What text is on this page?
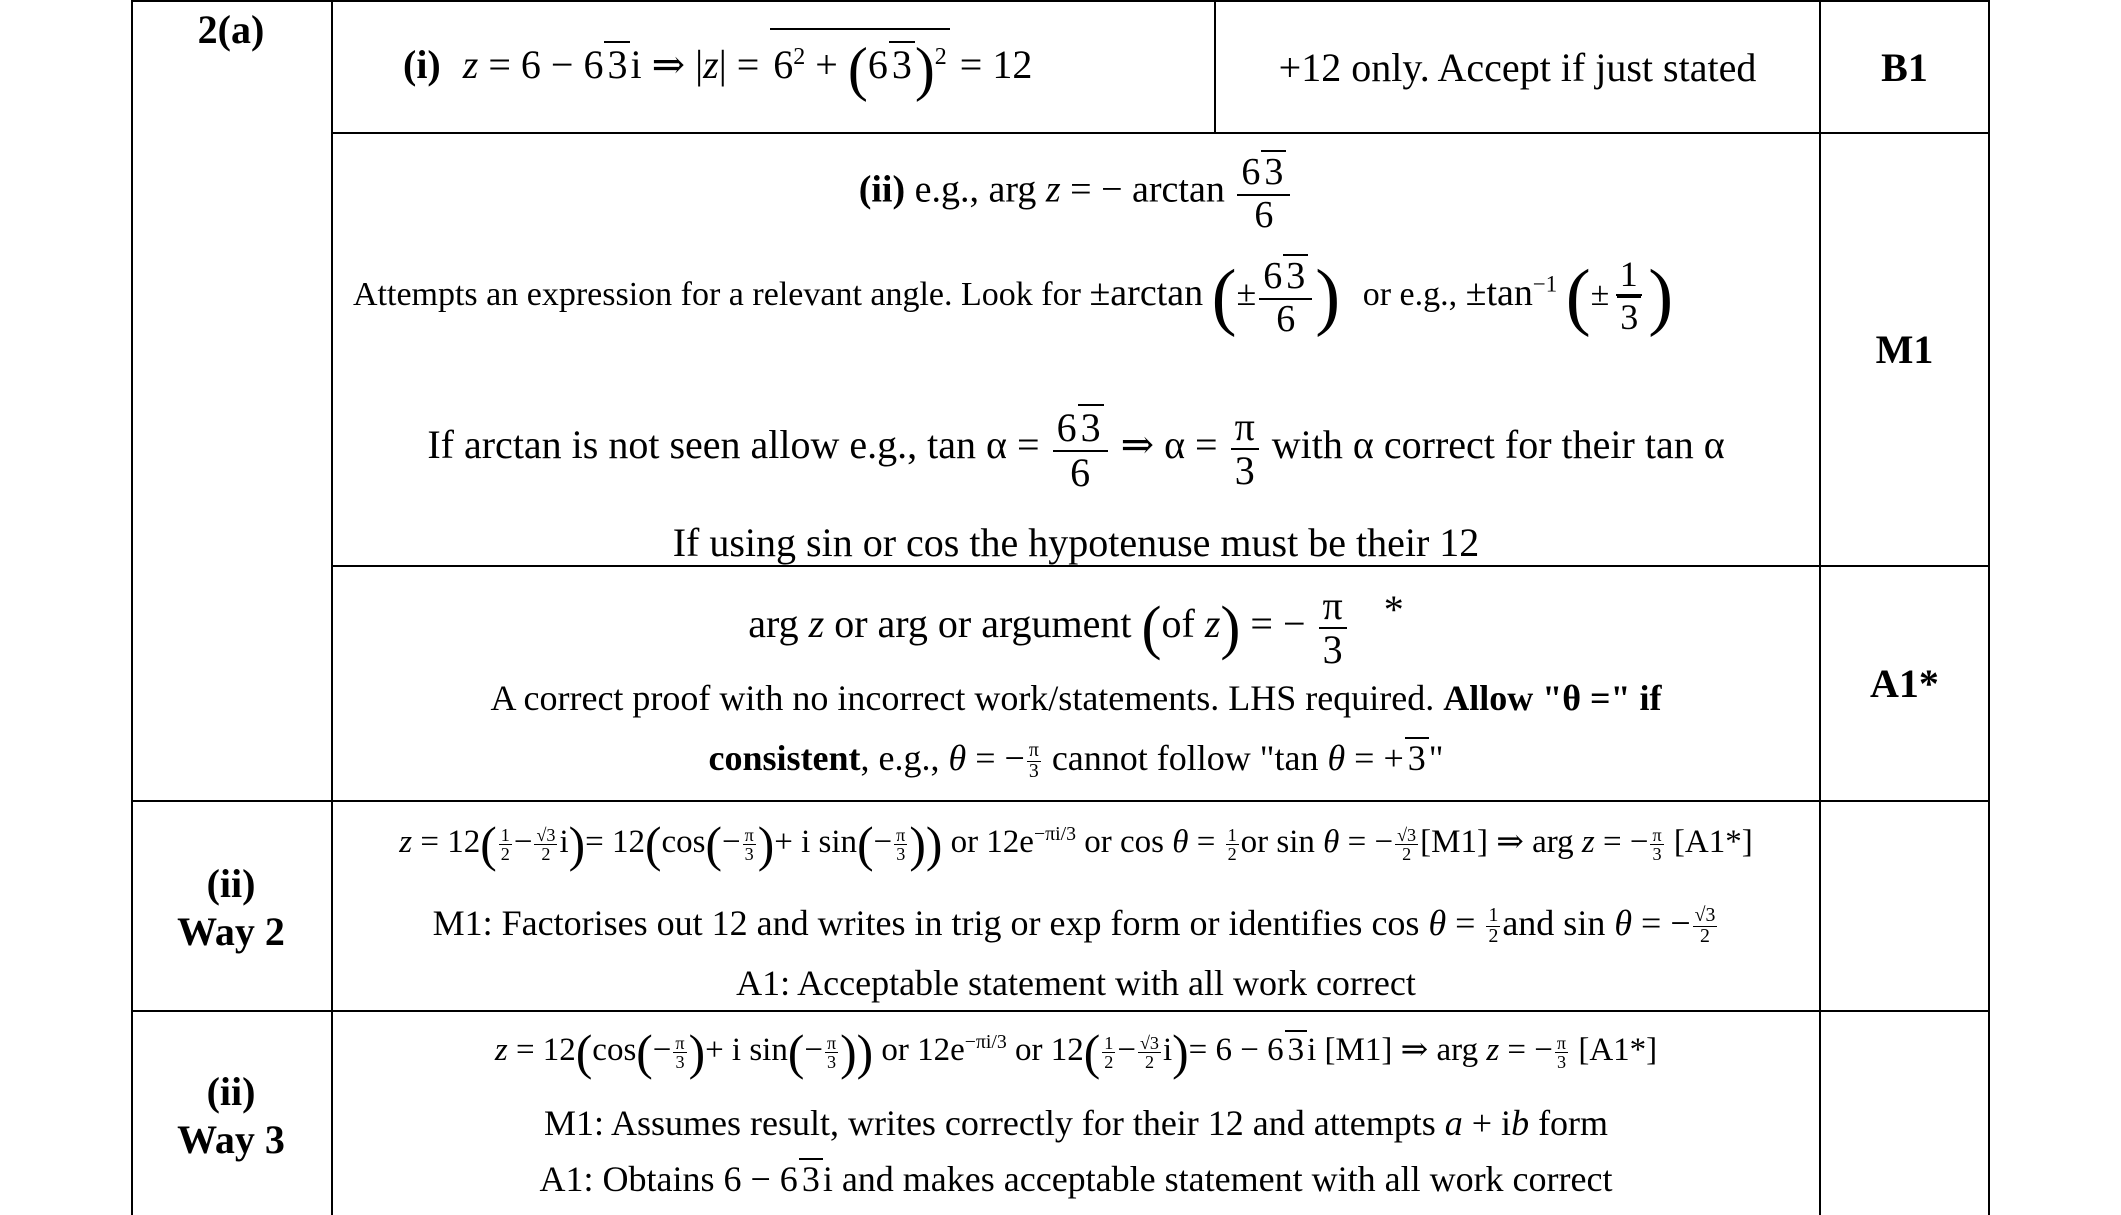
2(a)
(i) z = 6 − 6 3i ⇒ $|z| = 6^2 + (6$ 3)$^2$ = 12	+12 only. Accept if just stated	B1
(ii) e.g., arg z = − $\arctan \frac{6 3}{6}$
Attempts an expression for a relevant angle. Look for ±arctan (± $\frac{6 3}{6}$ ) or e.g., $\pm\tan^{-1}$ (± $\frac{1}{3}$ )
If arctan is not seen allow e.g., $\tan \alpha = \frac{6 3}{6}$ ⇒ $\alpha = \frac{\pi}{3}$ with α correct for their tan α
If using sin or cos the hypotenuse must be their 12
M1
arg z or arg or argument (of z) = − $\frac{\pi}{3}$ *
A correct proof with no incorrect work/statements. LHS required. Allow "θ =" if
consistent, e.g., θ = − $\frac{\pi}{3}$ cannot follow "tan θ = + 3"
A1*
(ii)
Way 2
$z = 12( \frac{1}{2} - \frac{√3}{2} i)= 12(\cos(- \frac{\pi}{3}$ )+ i $\sin(- \frac{\pi}{3}$ )) or $12e^{-\pi i/3}$ or $\cos \theta = \frac{1}{2}$ or sin θ = − $\frac{√3}{2} [M1]$ ⇒ arg z = − $\frac{\pi}{3} [A1*]$
M1: Factorises out 12 and writes in trig or exp form or identifies $\cos \theta = \frac{1}{2}$ and sin θ = − $\frac{√3}{2}$
A1: Acceptable statement with all work correct
(ii)
Way 3
$z = 12(\cos(- \frac{\pi}{3}$ )+ i $\sin(- \frac{\pi}{3}$ )) or $12e^{-\pi i/3}$ or $12( \frac{1}{2} - \frac{√3}{2} i)= 6 - 6$ 3i [M1] ⇒ arg z = − $\frac{\pi}{3} [A1*]$
M1: Assumes result, writes correctly for their 12 and attempts a + ib form
A1: Obtains 6 − 6 3i and makes acceptable statement with all work correct
